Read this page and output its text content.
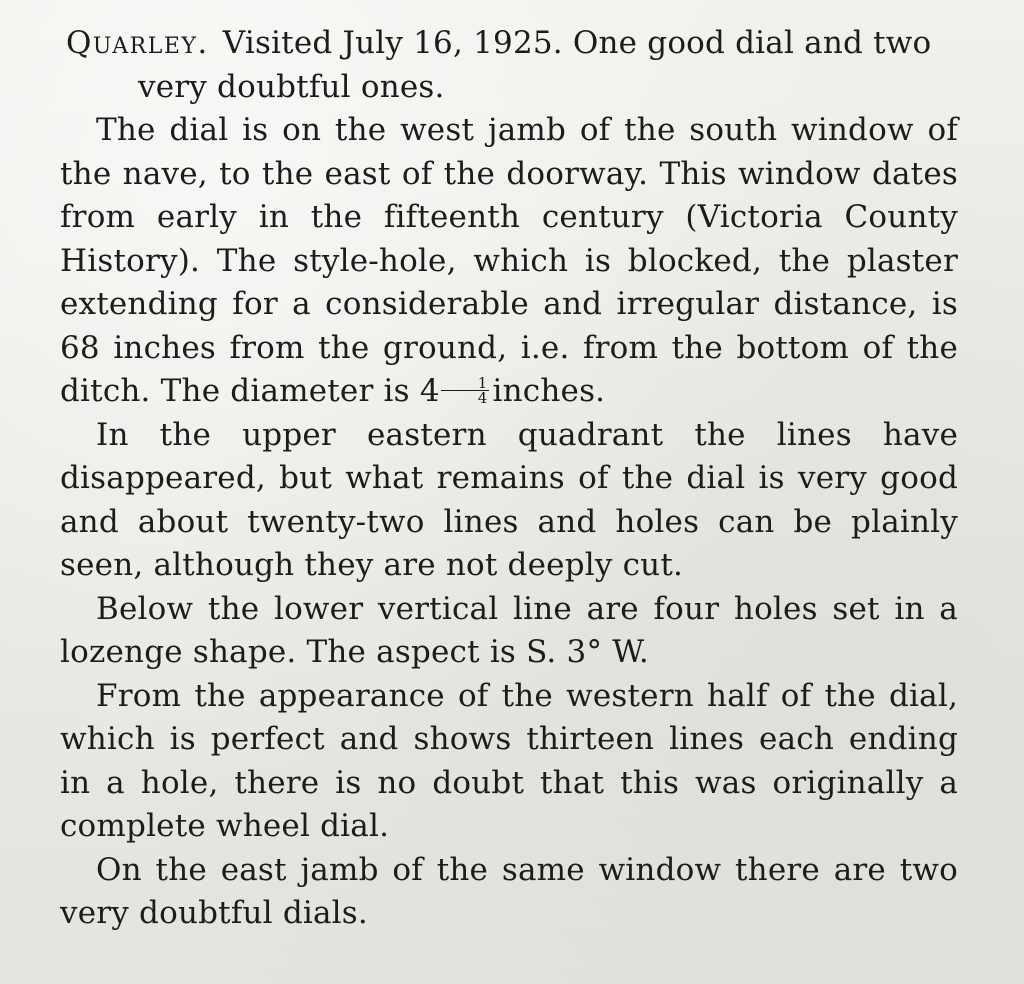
Quarley. Visited July 16, 1925. One good dial and two very doubtful ones.

The dial is on the west jamb of the south window of the nave, to the east of the doorway. This window dates from early in the fifteenth century (Victoria County History). The style-hole, which is blocked, the plaster extending for a considerable and irregular distance, is 68 inches from the ground, i.e. from the bottom of the ditch. The diameter is $4 \frac{1}{4}$ inches.

In the upper eastern quadrant the lines have disappeared, but what remains of the dial is very good and about twenty-two lines and holes can be plainly seen, although they are not deeply cut.

Below the lower vertical line are four holes set in a lozenge shape. The aspect is S. 3° W.

From the appearance of the western half of the dial, which is perfect and shows thirteen lines each ending in a hole, there is no doubt that this was originally a complete wheel dial.

On the east jamb of the same window there are two very doubtful dials.
